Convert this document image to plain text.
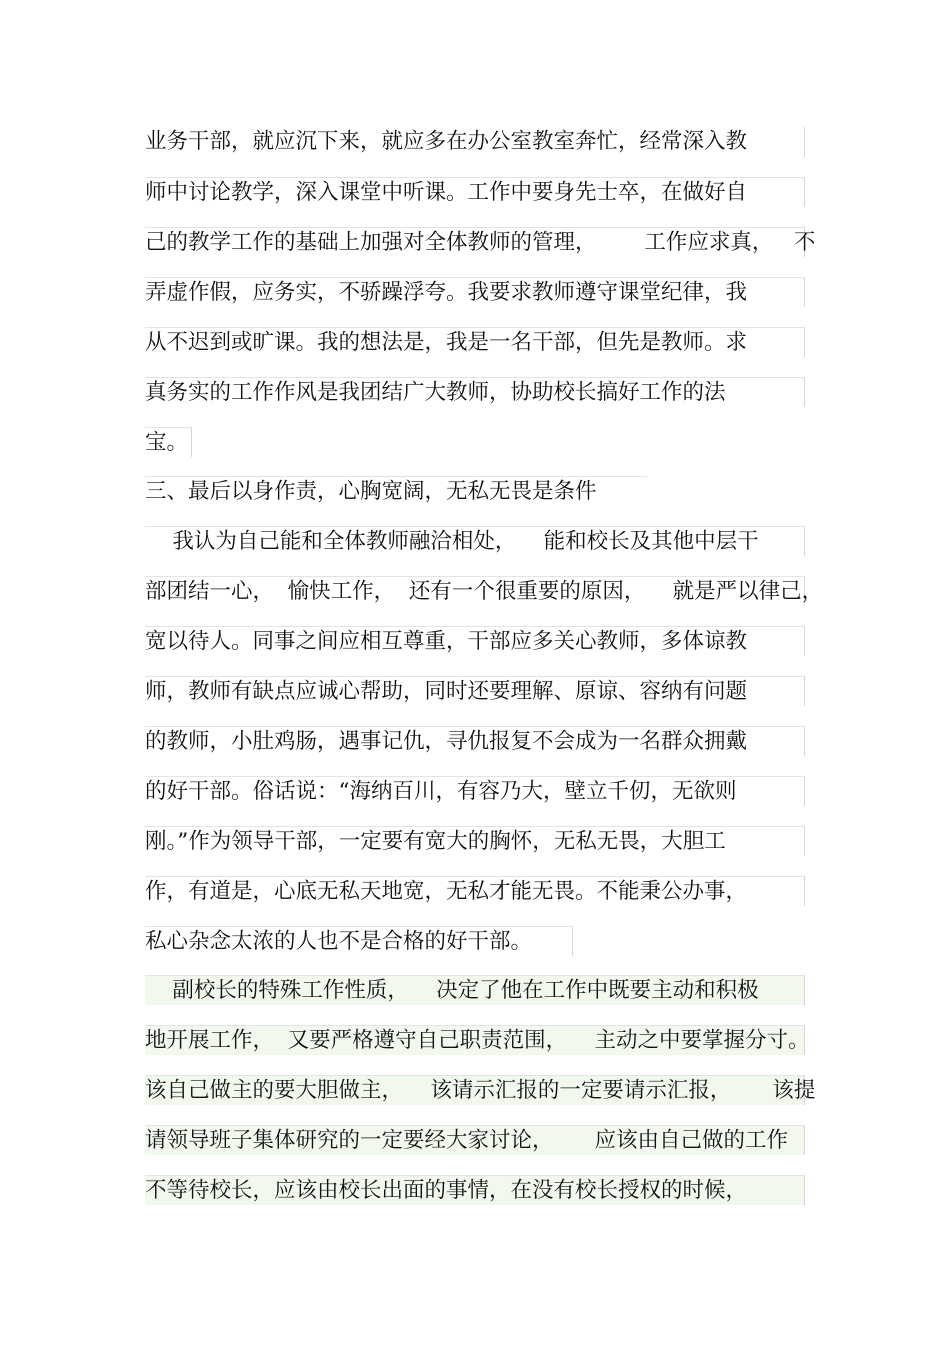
业务干部，就应沉下来，就应多在办公室教室奔忙，经常深入教
师中讨论教学，深入课堂中听课。工作中要身先士卒，在做好自
己的教学工作的基础上加强对全体教师的管理，       工作应求真，   不
弄虚作假，应务实，不骄躁浮夸。我要求教师遵守课堂纪律，我
从不迟到或旷课。我的想法是，我是一名干部，但先是教师。求
真务实的工作作风是我团结广大教师，协助校长搞好工作的法
宝。
三、最后以身作责，心胸宽阔，无私无畏是条件
我认为自己能和全体教师融洽相处，    能和校长及其他中层干
部团结一心，  愉快工作，  还有一个很重要的原因，    就是严以律己，
宽以待人。同事之间应相互尊重，干部应多关心教师，多体谅教
师，教师有缺点应诚心帮助，同时还要理解、原谅、容纳有问题
的教师，小肚鸡肠，遇事记仇，寻仇报复不会成为一名群众拥戴
的好干部。俗话说：“海纳百川，有容乃大，壁立千仞，无欲则
刚。”作为领导干部，一定要有宽大的胸怀，无私无畏，大胆工
作，有道是，心底无私天地宽，无私才能无畏。不能秉公办事，
私心杂念太浓的人也不是合格的好干部。
副校长的特殊工作性质，    决定了他在工作中既要主动和积极
地开展工作，  又要严格遵守自己职责范围，    主动之中要掌握分寸。
该自己做主的要大胆做主，    该请示汇报的一定要请示汇报，      该提
请领导班子集体研究的一定要经大家讨论，      应该由自己做的工作
不等待校长，应该由校长出面的事情，在没有校长授权的时候，
